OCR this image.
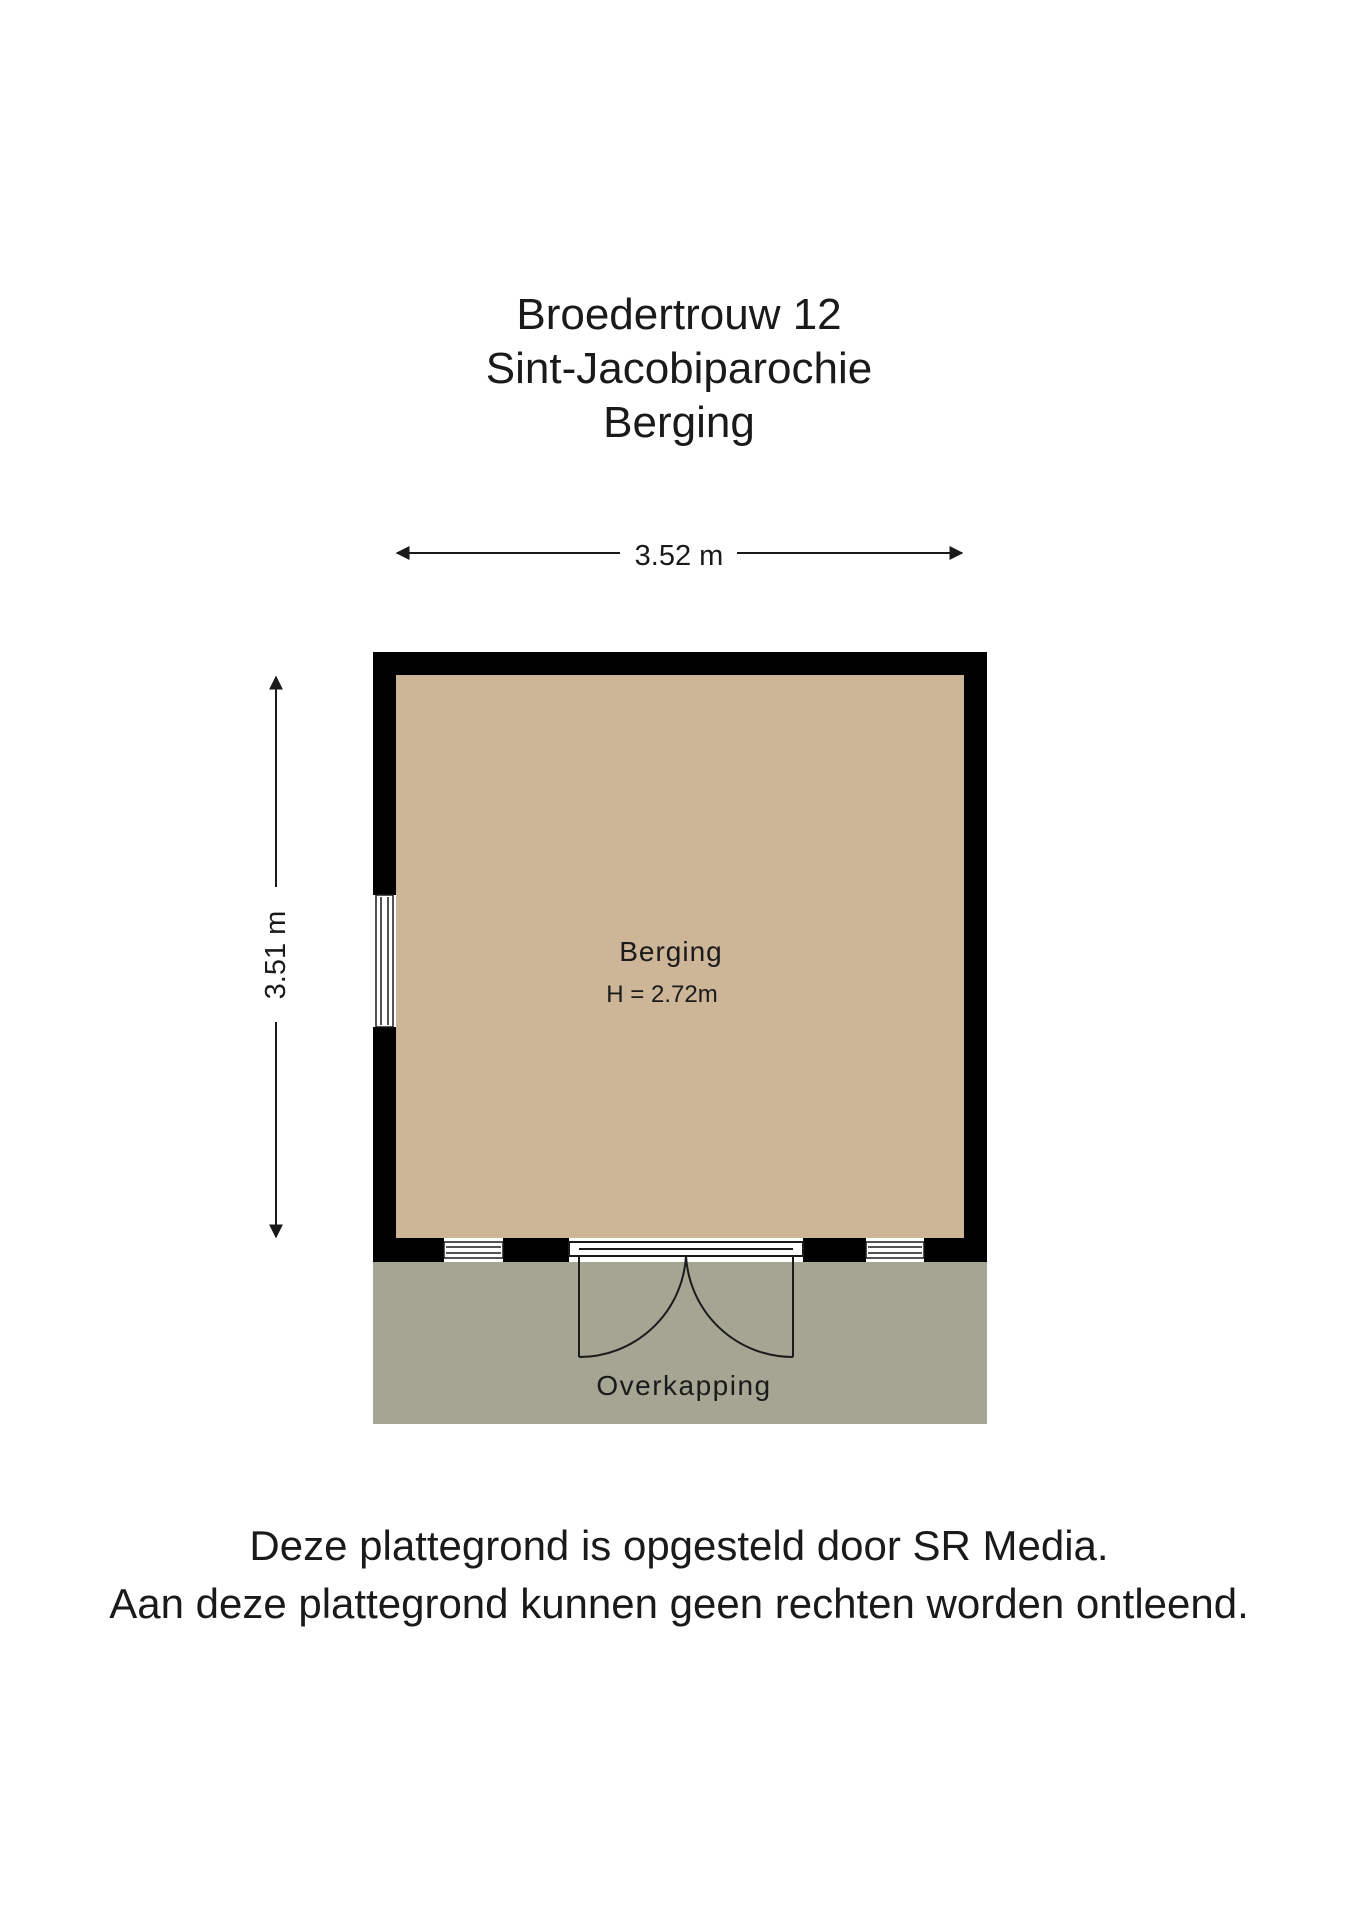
Broedertrouw 12
Sint-Jacobiparochie
Berging
3.52 m
3.51 m	Berging
H = 2.72m
Overkapping
Deze plattegrond is opgesteld door SR Media.
Aan deze plattegrond kunnen geen rechten worden ontleend.
